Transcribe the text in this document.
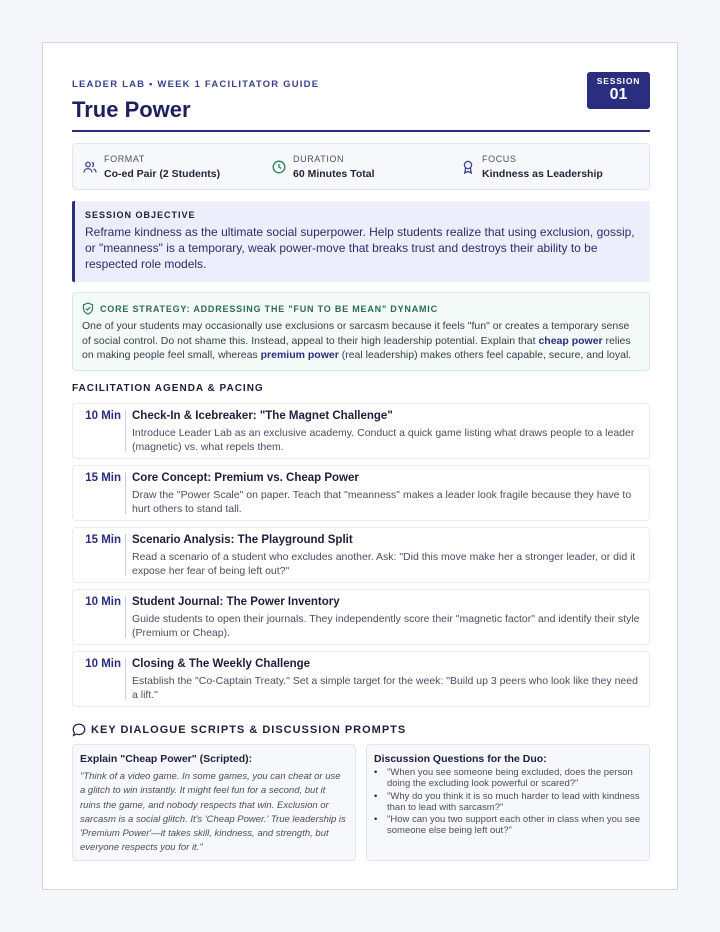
LEADER LAB • WEEK 1 FACILITATOR GUIDE
True Power
SESSION
01
FORMAT
Co-ed Pair (2 Students)
DURATION
60 Minutes Total
FOCUS
Kindness as Leadership
SESSION OBJECTIVE
Reframe kindness as the ultimate social superpower. Help students realize that using exclusion, gossip, or "meanness" is a temporary, weak power-move that breaks trust and destroys their ability to be respected role models.
CORE STRATEGY: ADDRESSING THE "FUN TO BE MEAN" DYNAMIC
One of your students may occasionally use exclusions or sarcasm because it feels "fun" or creates a temporary sense of social control. Do not shame this. Instead, appeal to their high leadership potential. Explain that cheap power relies on making people feel small, whereas premium power (real leadership) makes others feel capable, secure, and loyal.
FACILITATION AGENDA & PACING
10 Min Check-In & Icebreaker: "The Magnet Challenge"
Introduce Leader Lab as an exclusive academy. Conduct a quick game listing what draws people to a leader (magnetic) vs. what repels them.
15 Min Core Concept: Premium vs. Cheap Power
Draw the "Power Scale" on paper. Teach that "meanness" makes a leader look fragile because they have to hurt others to stand tall.
15 Min Scenario Analysis: The Playground Split
Read a scenario of a student who excludes another. Ask: "Did this move make her a stronger leader, or did it expose her fear of being left out?"
10 Min Student Journal: The Power Inventory
Guide students to open their journals. They independently score their "magnetic factor" and identify their style (Premium or Cheap).
10 Min Closing & The Weekly Challenge
Establish the "Co-Captain Treaty." Set a simple target for the week: "Build up 3 peers who look like they need a lift."
KEY DIALOGUE SCRIPTS & DISCUSSION PROMPTS
Explain "Cheap Power" (Scripted):
"Think of a video game. In some games, you can cheat or use a glitch to win instantly. It might feel fun for a second, but it ruins the game, and nobody respects that win. Exclusion or sarcasm is a social glitch. It's 'Cheap Power.' True leadership is 'Premium Power'—it takes skill, kindness, and strength, but everyone respects you for it."
Discussion Questions for the Duo:
• "When you see someone being excluded, does the person doing the excluding look powerful or scared?"
• "Why do you think it is so much harder to lead with kindness than to lead with sarcasm?"
• "How can you two support each other in class when you see someone else being left out?"
